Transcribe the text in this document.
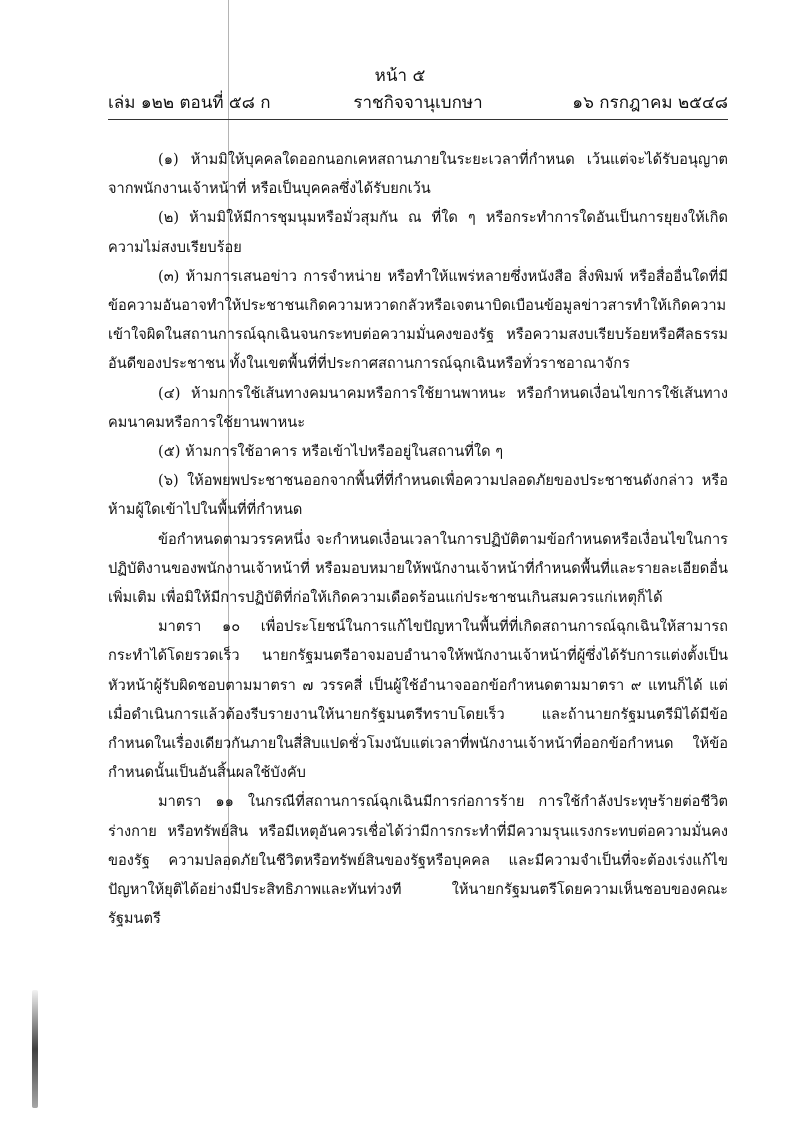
หน้า ๕
เล่ม ๑๒๒ ตอนที่ ๕๘ ก	ราชกิจจานุเบกษา	๑๖ กรกฎาคม ๒๕๔๘

(๑) ห้ามมิให้บุคคลใดออกนอกเคหสถานภายในระยะเวลาที่กำหนด เว้นแต่จะได้รับอนุญาตจากพนักงานเจ้าหน้าที่ หรือเป็นบุคคลซึ่งได้รับยกเว้น

(๒) ห้ามมิให้มีการชุมนุมหรือมั่วสุมกัน ณ ที่ใด ๆ หรือกระทำการใดอันเป็นการยุยงให้เกิดความไม่สงบเรียบร้อย

(๓) ห้ามการเสนอข่าว การจำหน่าย หรือทำให้แพร่หลายซึ่งหนังสือ สิ่งพิมพ์ หรือสื่ออื่นใดที่มีข้อความอันอาจทำให้ประชาชนเกิดความหวาดกลัวหรือเจตนาบิดเบือนข้อมูลข่าวสารทำให้เกิดความเข้าใจผิดในสถานการณ์ฉุกเฉินจนกระทบต่อความมั่นคงของรัฐ หรือความสงบเรียบร้อยหรือศีลธรรมอันดีของประชาชน ทั้งในเขตพื้นที่ที่ประกาศสถานการณ์ฉุกเฉินหรือทั่วราชอาณาจักร

(๔) ห้ามการใช้เส้นทางคมนาคมหรือการใช้ยานพาหนะ หรือกำหนดเงื่อนไขการใช้เส้นทางคมนาคมหรือการใช้ยานพาหนะ

(๕) ห้ามการใช้อาคาร หรือเข้าไปหรืออยู่ในสถานที่ใด ๆ

(๖) ให้อพยพประชาชนออกจากพื้นที่ที่กำหนดเพื่อความปลอดภัยของประชาชนดังกล่าว หรือห้ามผู้ใดเข้าไปในพื้นที่ที่กำหนด

ข้อกำหนดตามวรรคหนึ่ง จะกำหนดเงื่อนเวลาในการปฏิบัติตามข้อกำหนดหรือเงื่อนไขในการปฏิบัติงานของพนักงานเจ้าหน้าที่ หรือมอบหมายให้พนักงานเจ้าหน้าที่กำหนดพื้นที่และรายละเอียดอื่นเพิ่มเติม เพื่อมิให้มีการปฏิบัติที่ก่อให้เกิดความเดือดร้อนแก่ประชาชนเกินสมควรแก่เหตุก็ได้

มาตรา ๑๐ เพื่อประโยชน์ในการแก้ไขปัญหาในพื้นที่ที่เกิดสถานการณ์ฉุกเฉินให้สามารถกระทำได้โดยรวดเร็ว นายกรัฐมนตรีอาจมอบอำนาจให้พนักงานเจ้าหน้าที่ผู้ซึ่งได้รับการแต่งตั้งเป็นหัวหน้าผู้รับผิดชอบตามมาตรา ๗ วรรคสี่ เป็นผู้ใช้อำนาจออกข้อกำหนดตามมาตรา ๙ แทนก็ได้ แต่เมื่อดำเนินการแล้วต้องรีบรายงานให้นายกรัฐมนตรีทราบโดยเร็ว และถ้านายกรัฐมนตรีมิได้มีข้อกำหนดในเรื่องเดียวกันภายในสี่สิบแปดชั่วโมงนับแต่เวลาที่พนักงานเจ้าหน้าที่ออกข้อกำหนด ให้ข้อกำหนดนั้นเป็นอันสิ้นผลใช้บังคับ

มาตรา ๑๑ ในกรณีที่สถานการณ์ฉุกเฉินมีการก่อการร้าย การใช้กำลังประทุษร้ายต่อชีวิต ร่างกาย หรือทรัพย์สิน หรือมีเหตุอันควรเชื่อได้ว่ามีการกระทำที่มีความรุนแรงกระทบต่อความมั่นคงของรัฐ ความปลอดภัยในชีวิตหรือทรัพย์สินของรัฐหรือบุคคล และมีความจำเป็นที่จะต้องเร่งแก้ไขปัญหาให้ยุติได้อย่างมีประสิทธิภาพและทันท่วงที ให้นายกรัฐมนตรีโดยความเห็นชอบของคณะรัฐมนตรี
